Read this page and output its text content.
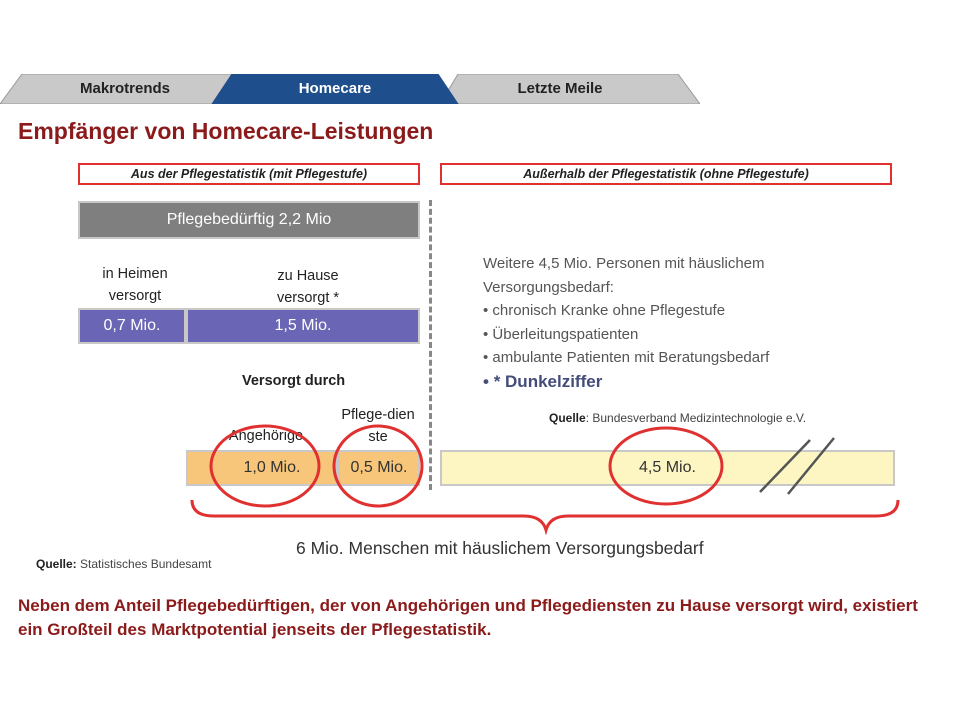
Makrotrends	Homecare	Letzte Meile
Empfänger von Homecare-Leistungen
Aus der Pflegestatistik (mit Pflegestufe)	Außerhalb der Pflegestatistik (ohne Pflegestufe)
Pflegebedürftig 2,2 Mio
in Heimen versorgt
zu Hause versorgt *
0,7 Mio.	1,5 Mio.
Weitere 4,5 Mio. Personen mit häuslichem Versorgungsbedarf:
• chronisch Kranke ohne Pflegestufe
• Überleitungspatienten
• ambulante Patienten mit Beratungsbedarf
• * Dunkelziffer
Versorgt durch
Quelle: Bundesverband Medizintechnologie e.V.
Angehörige
Pflege-dienste
1,0 Mio.	0,5 Mio.	4,5 Mio.
6 Mio. Menschen mit häuslichem Versorgungsbedarf
Quelle: Statistisches Bundesamt
Neben dem Anteil Pflegebedürftigen, der von Angehörigen und Pflegediensten zu Hause versorgt wird, existiert ein Großteil des Marktpotential jenseits der Pflegestatistik.
